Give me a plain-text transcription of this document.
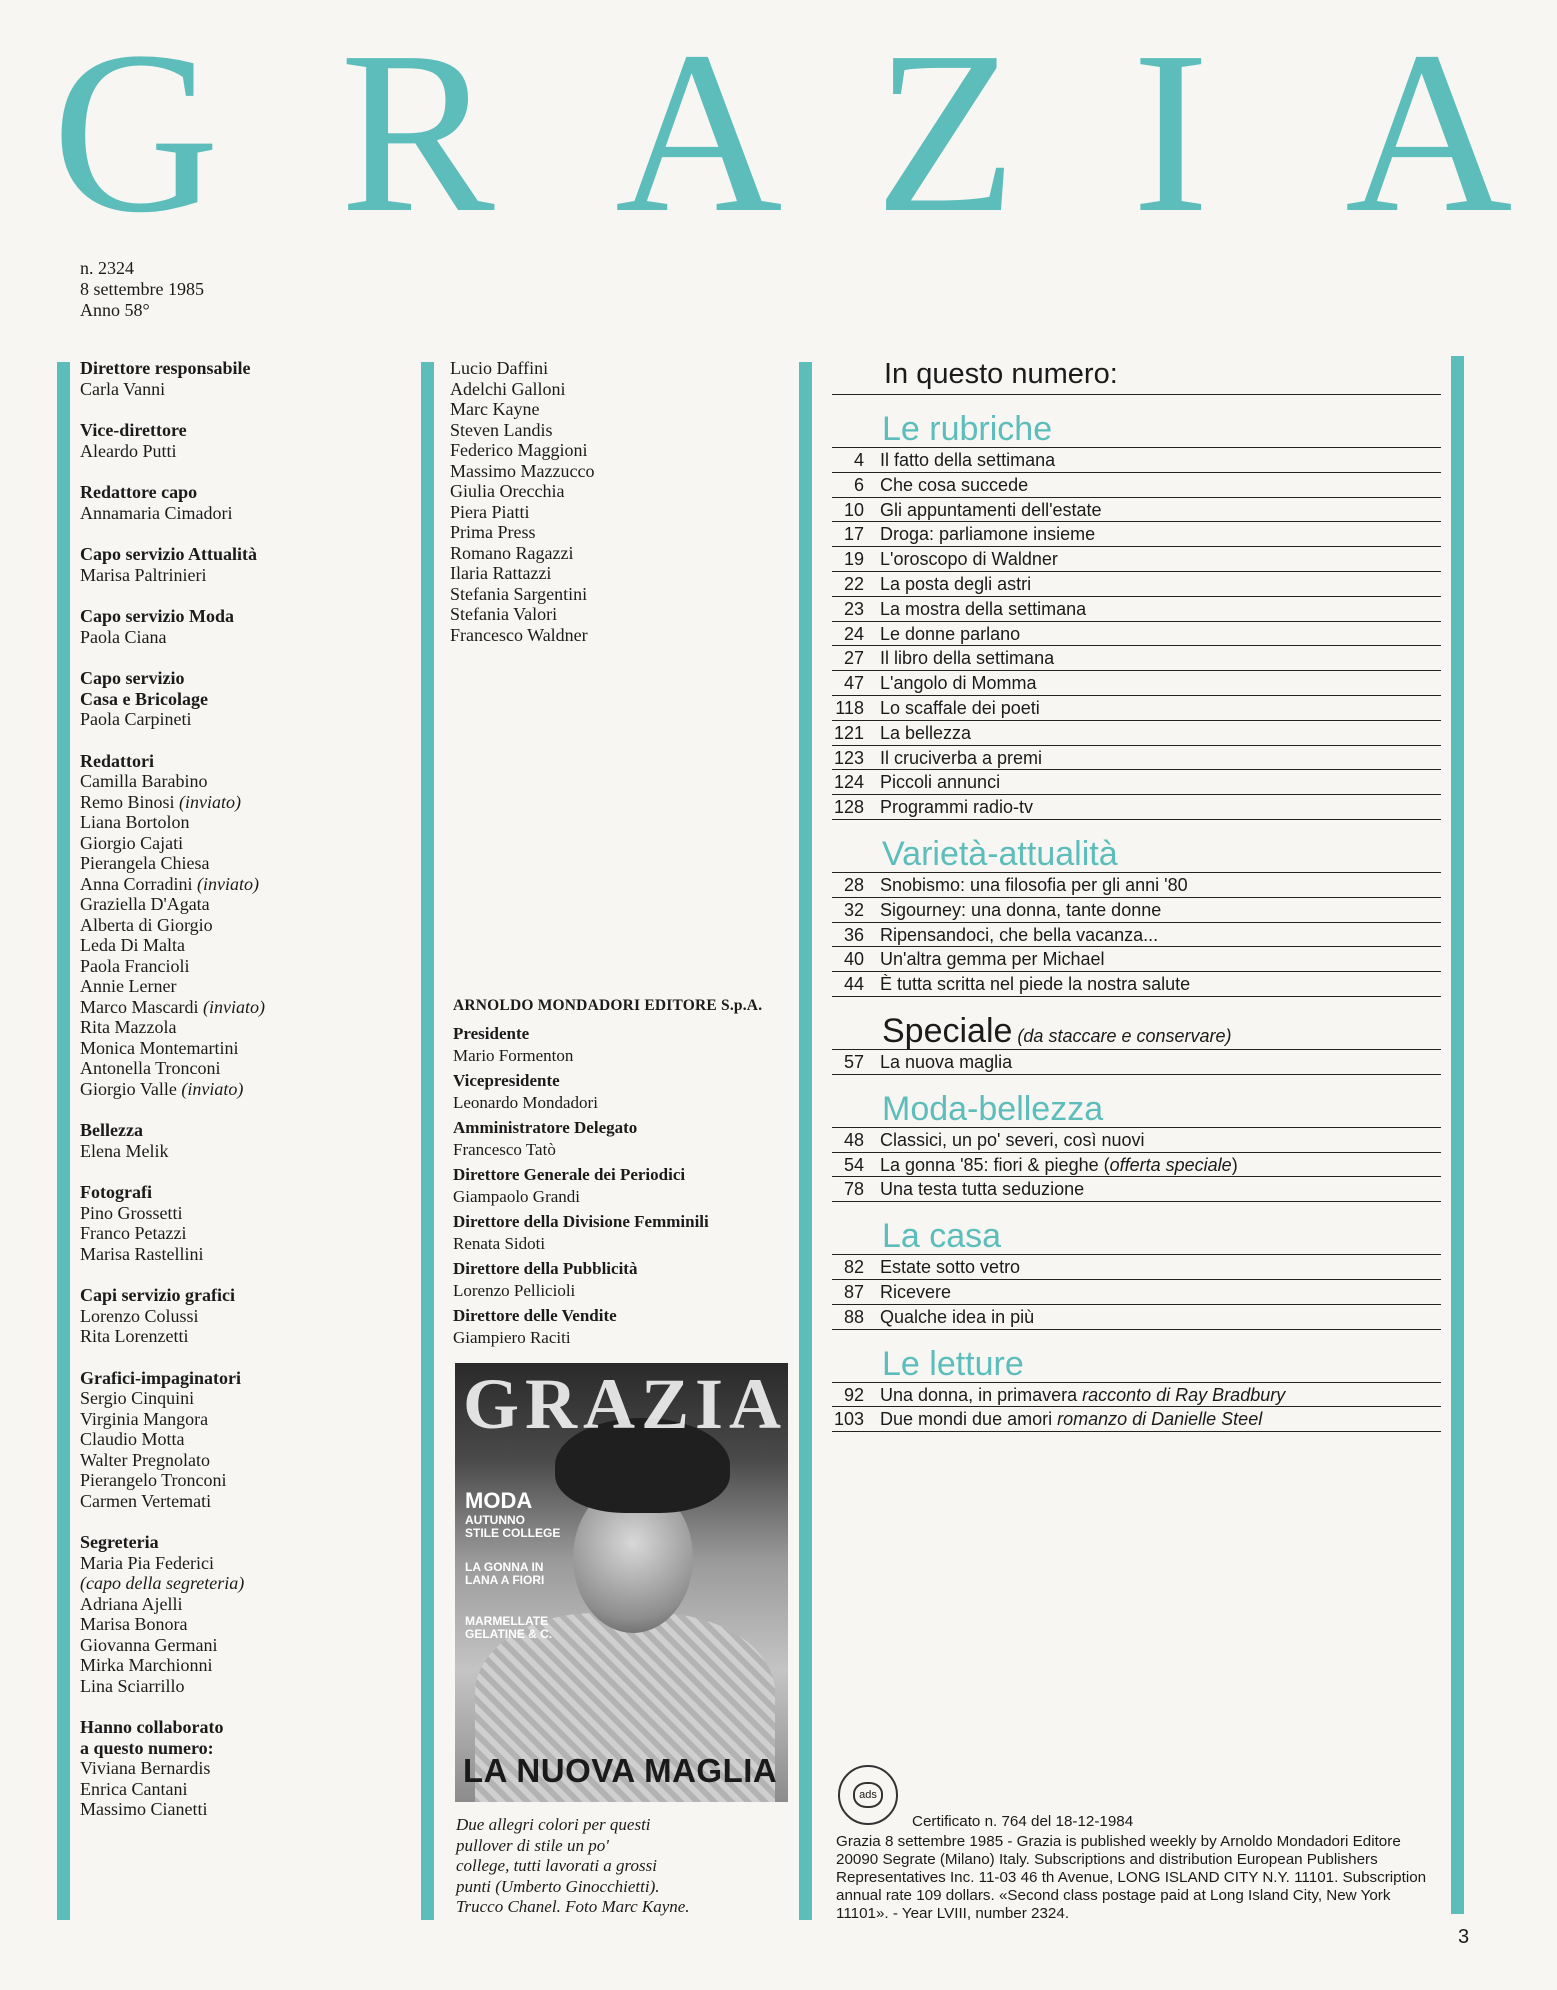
G R A Z I A
n. 2324
8 settembre 1985
Anno 58°
Direttore responsabile
Carla Vanni
Vice-direttore
Aleardo Putti
Redattore capo
Annamaria Cimadori
Capo servizio Attualità
Marisa Paltrinieri
Capo servizio Moda
Paola Ciana
Capo servizio
Casa e Bricolage
Paola Carpineti
Redattori
Camilla Barabino
Remo Binosi (inviato)
Liana Bortolon
Giorgio Cajati
Pierangela Chiesa
Anna Corradini (inviato)
Graziella D'Agata
Alberta di Giorgio
Leda Di Malta
Paola Francioli
Annie Lerner
Marco Mascardi (inviato)
Rita Mazzola
Monica Montemartini
Antonella Tronconi
Giorgio Valle (inviato)
Bellezza
Elena Melik
Fotografi
Pino Grossetti
Franco Petazzi
Marisa Rastellini
Capi servizio grafici
Lorenzo Colussi
Rita Lorenzetti
Grafici-impaginatori
Sergio Cinquini
Virginia Mangora
Claudio Motta
Walter Pregnolato
Pierangelo Tronconi
Carmen Vertemati
Segreteria
Maria Pia Federici
(capo della segreteria)
Adriana Ajelli
Marisa Bonora
Giovanna Germani
Mirka Marchionni
Lina Sciarrillo
Hanno collaborato
a questo numero:
Viviana Bernardis
Enrica Cantani
Massimo Cianetti
Lucio Daffini
Adelchi Galloni
Marc Kayne
Steven Landis
Federico Maggioni
Massimo Mazzucco
Giulia Orecchia
Piera Piatti
Prima Press
Romano Ragazzi
Ilaria Rattazzi
Stefania Sargentini
Stefania Valori
Francesco Waldner
ARNOLDO MONDADORI EDITORE S.p.A.
Presidente
Mario Formenton
Vicepresidente
Leonardo Mondadori
Amministratore Delegato
Francesco Tatò
Direttore Generale dei Periodici
Giampaolo Grandi
Direttore della Divisione Femminili
Renata Sidoti
Direttore della Pubblicità
Lorenzo Pellicioli
Direttore delle Vendite
Giampiero Raciti
GRAZIA
MODA
AUTUNNO
STILE COLLEGE
LA GONNA IN LANA A FIORI
MARMELLATE GELATINE & C.
LA NUOVA MAGLIA
Due allegri colori per questi
pullover di stile un po'
college, tutti lavorati a grossi
punti (Umberto Ginocchietti).
Trucco Chanel. Foto Marc Kayne.
In questo numero:
Le rubriche
4 Il fatto della settimana
6 Che cosa succede
10 Gli appuntamenti dell'estate
17 Droga: parliamone insieme
19 L'oroscopo di Waldner
22 La posta degli astri
23 La mostra della settimana
24 Le donne parlano
27 Il libro della settimana
47 L'angolo di Momma
118 Lo scaffale dei poeti
121 La bellezza
123 Il cruciverba a premi
124 Piccoli annunci
128 Programmi radio-tv
Varietà-attualità
28 Snobismo: una filosofia per gli anni '80
32 Sigourney: una donna, tante donne
36 Ripensandoci, che bella vacanza...
40 Un'altra gemma per Michael
44 È tutta scritta nel piede la nostra salute
Speciale (da staccare e conservare)
57 La nuova maglia
Moda-bellezza
48 Classici, un po' severi, così nuovi
54 La gonna '85: fiori & pieghe (offerta speciale)
78 Una testa tutta seduzione
La casa
82 Estate sotto vetro
87 Ricevere
88 Qualche idea in più
Le letture
92 Una donna, in primavera racconto di Ray Bradbury
103 Due mondi due amori romanzo di Danielle Steel
ads
Certificato n. 764 del 18-12-1984
Grazia 8 settembre 1985 - Grazia is published weekly by Arnoldo Mondadori Editore 20090 Segrate (Milano) Italy. Subscriptions and distribution European Publishers Representatives Inc. 11-03 46 th Avenue, LONG ISLAND CITY N.Y. 11101. Subscription annual rate 109 dollars. «Second class postage paid at Long Island City, New York 11101». - Year LVIII, number 2324.
3
